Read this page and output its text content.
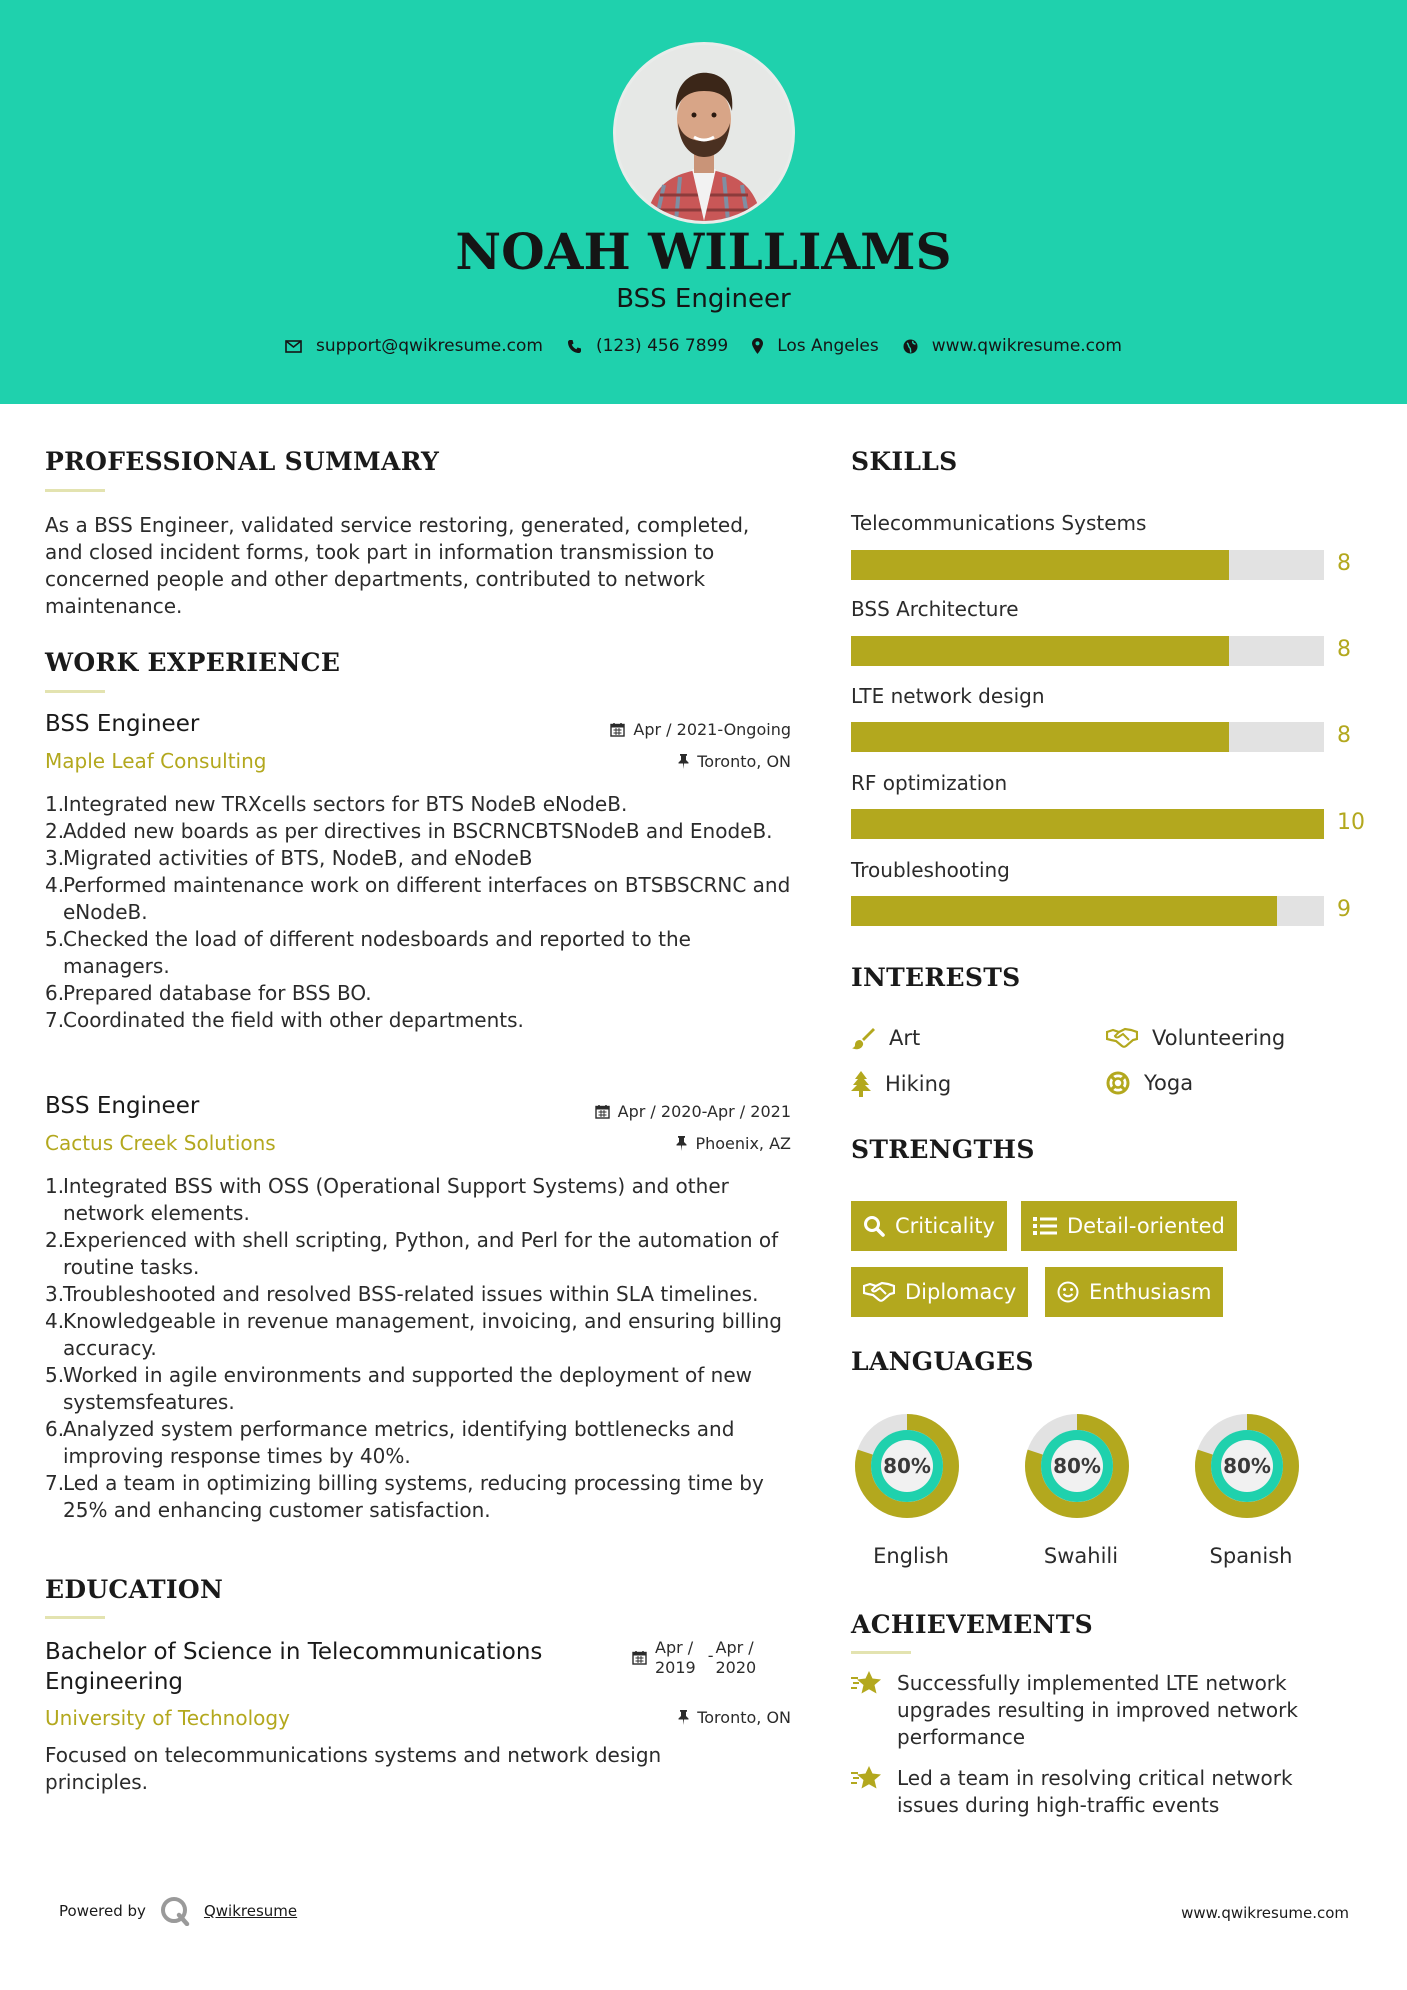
NOAH WILLIAMS
BSS Engineer
support@qwikresume.com	(123) 456 7899	Los Angeles	www.qwikresume.com
PROFESSIONAL SUMMARY
As a BSS Engineer, validated service restoring, generated, completed, and closed incident forms, took part in information transmission to concerned people and other departments, contributed to network maintenance.
WORK EXPERIENCE
BSS Engineer	Apr / 2021-Ongoing
Maple Leaf Consulting	Toronto, ON
1.
Integrated new TRXcells sectors for BTS NodeB eNodeB.
2.
Added new boards as per directives in BSCRNCBTSNodeB and EnodeB.
3.
Migrated activities of BTS, NodeB, and eNodeB
4.
Performed maintenance work on different interfaces on BTSBSCRNC and eNodeB.
5.
Checked the load of different nodesboards and reported to the managers.
6.
Prepared database for BSS BO.
7.
Coordinated the field with other departments.
BSS Engineer	Apr / 2020-Apr / 2021
Cactus Creek Solutions	Phoenix, AZ
1.
Integrated BSS with OSS (Operational Support Systems) and other network elements.
2.
Experienced with shell scripting, Python, and Perl for the automation of routine tasks.
3.
Troubleshooted and resolved BSS-related issues within SLA timelines.
4.
Knowledgeable in revenue management, invoicing, and ensuring billing accuracy.
5.
Worked in agile environments and supported the deployment of new systemsfeatures.
6.
Analyzed system performance metrics, identifying bottlenecks and improving response times by 40%.
7.
Led a team in optimizing billing systems, reducing processing time by 25% and enhancing customer satisfaction.
EDUCATION
Bachelor of Science in Telecommunications Engineering
Apr /
2019
- Apr /
2020
University of Technology	Toronto, ON
Focused on telecommunications systems and network design principles.
SKILLS
Telecommunications Systems
8
BSS Architecture
8
LTE network design
8
RF optimization
10
Troubleshooting
9
INTERESTS
Art	Volunteering
Hiking	Yoga
STRENGTHS
Criticality	Detail-oriented
Diplomacy	Enthusiasm
LANGUAGES
80%	80%	80%
English	Swahili	Spanish
ACHIEVEMENTS
Successfully implemented LTE network upgrades resulting in improved network performance
Led a team in resolving critical network issues during high-traffic events
Powered by	Qwikresume	www.qwikresume.com
